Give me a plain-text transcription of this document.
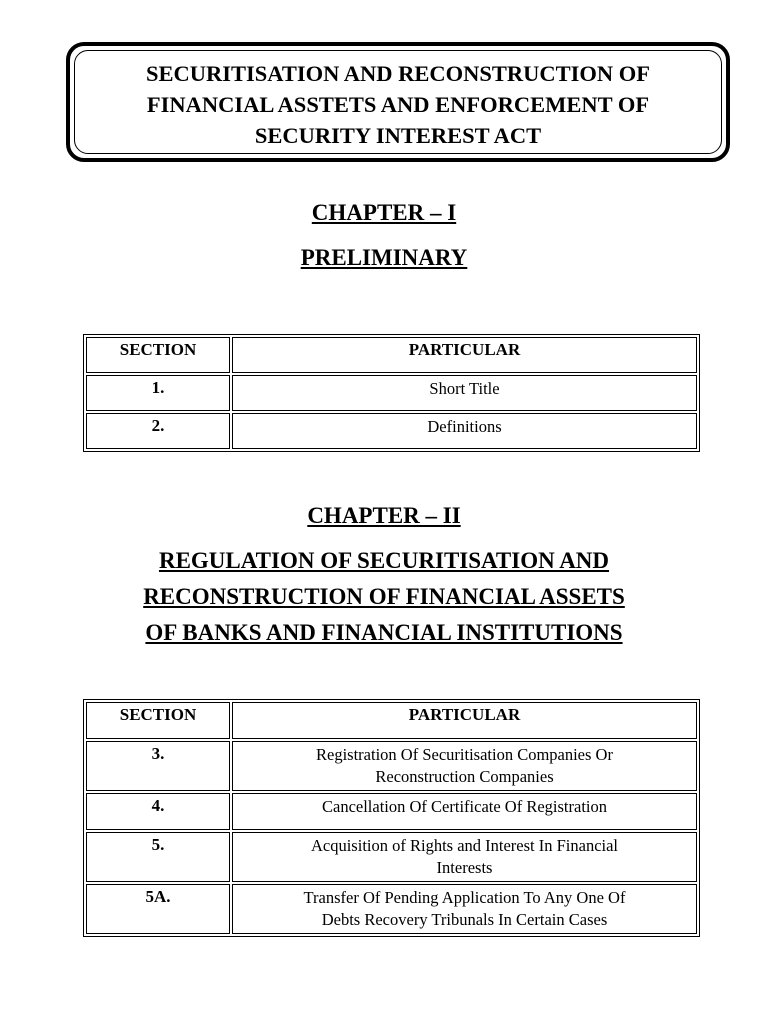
SECURITISATION AND RECONSTRUCTION OF
FINANCIAL ASSTETS AND ENFORCEMENT OF
SECURITY INTEREST ACT
CHAPTER – I
PRELIMINARY
SECTION	PARTICULAR
1.	Short Title
2.	Definitions
CHAPTER – II
REGULATION OF SECURITISATION AND
RECONSTRUCTION OF FINANCIAL ASSETS
OF BANKS AND FINANCIAL INSTITUTIONS
SECTION	PARTICULAR
3.	Registration Of Securitisation Companies Or
Reconstruction Companies

4.	Cancellation Of Certificate Of Registration

5.	Acquisition of Rights and Interest In Financial
Interests

5A.	Transfer Of Pending Application To Any One Of
Debts Recovery Tribunals In Certain Cases
